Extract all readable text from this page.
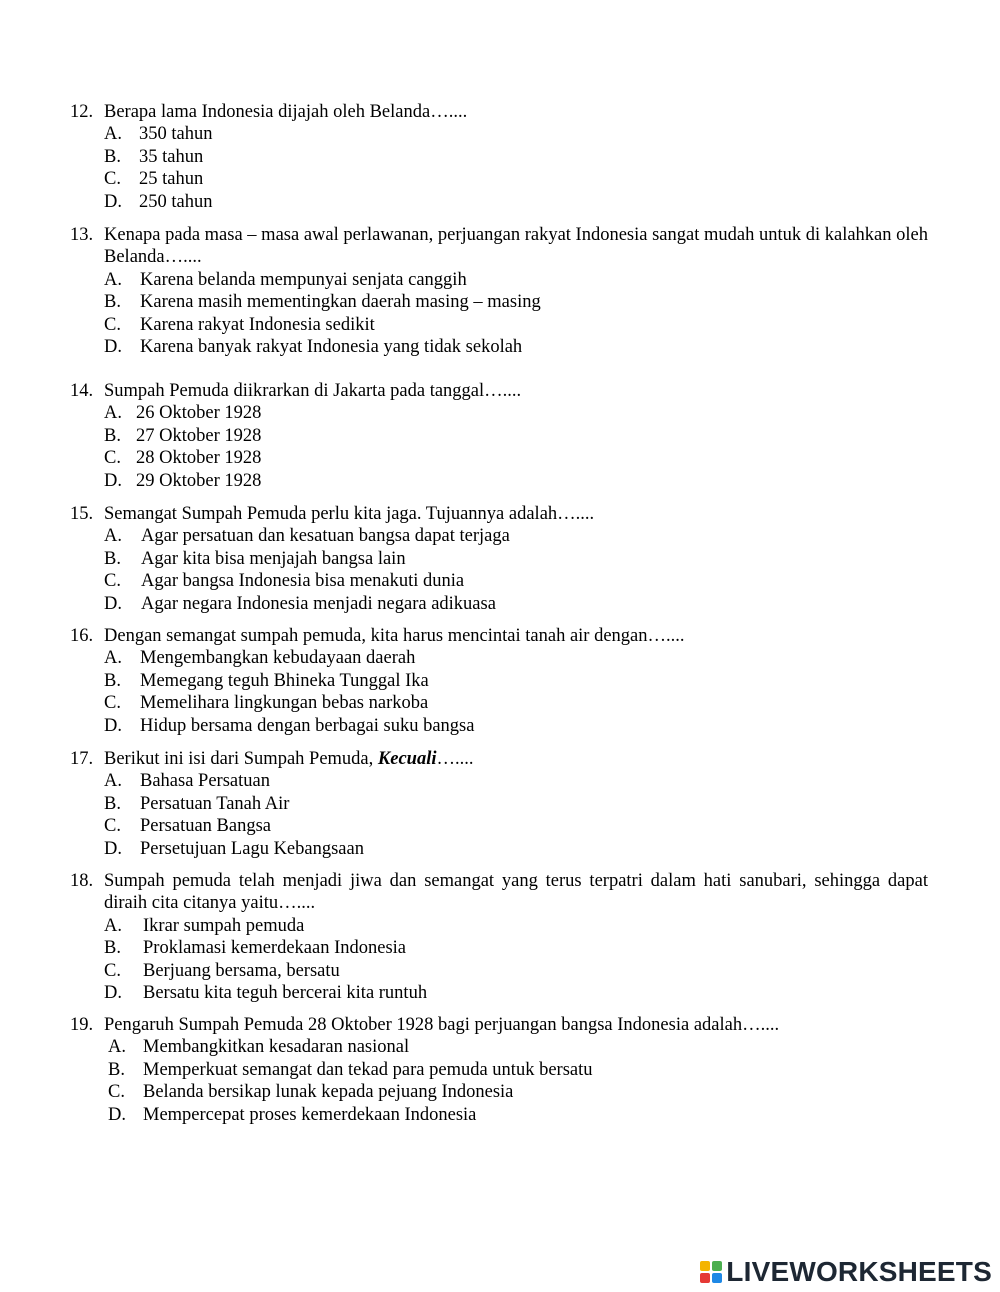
12. Berapa lama Indonesia dijajah oleh Belanda…....
A. 350 tahun
B. 35 tahun
C. 25 tahun
D. 250 tahun
13. Kenapa pada masa – masa awal perlawanan, perjuangan rakyat Indonesia sangat mudah untuk di kalahkan oleh Belanda…....
A. Karena belanda mempunyai senjata canggih
B.	Karena masih mementingkan daerah masing – masing
C.	Karena rakyat Indonesia sedikit
D. Karena banyak rakyat Indonesia yang tidak sekolah
14. Sumpah Pemuda diikrarkan di Jakarta pada tanggal…....
A. 26 Oktober 1928
B. 27 Oktober 1928
C. 28 Oktober 1928
D. 29 Oktober 1928
15. Semangat Sumpah Pemuda perlu kita jaga. Tujuannya adalah…....
A.	Agar persatuan dan kesatuan bangsa dapat terjaga
B.	Agar kita bisa menjajah bangsa lain
C.	Agar bangsa Indonesia bisa menakuti dunia
D.	Agar negara Indonesia menjadi negara adikuasa
16. Dengan semangat sumpah pemuda, kita harus mencintai tanah air dengan…....
A. Mengembangkan kebudayaan daerah
B.	Memegang teguh Bhineka Tunggal Ika
C.	Memelihara lingkungan bebas narkoba
D. Hidup bersama dengan berbagai suku bangsa
17. Berikut ini isi dari Sumpah Pemuda, Kecuali…....
A. Bahasa Persatuan
B.	Persatuan Tanah Air
C.	Persatuan Bangsa
D. Persetujuan Lagu Kebangsaan
18. Sumpah pemuda telah menjadi jiwa dan semangat yang terus terpatri dalam hati sanubari, sehingga dapat diraih cita citanya yaitu…....
A.	Ikrar sumpah pemuda
B.	Proklamasi kemerdekaan Indonesia
C.	Berjuang bersama, bersatu
D.	Bersatu kita teguh bercerai kita runtuh
19. Pengaruh Sumpah Pemuda 28 Oktober 1928 bagi perjuangan bangsa Indonesia adalah…....
A. Membangkitkan kesadaran nasional
B. Memperkuat semangat dan tekad para pemuda untuk bersatu
C. Belanda bersikap lunak kepada pejuang Indonesia
D. Mempercepat proses kemerdekaan Indonesia
LIVEWORKSHEETS
